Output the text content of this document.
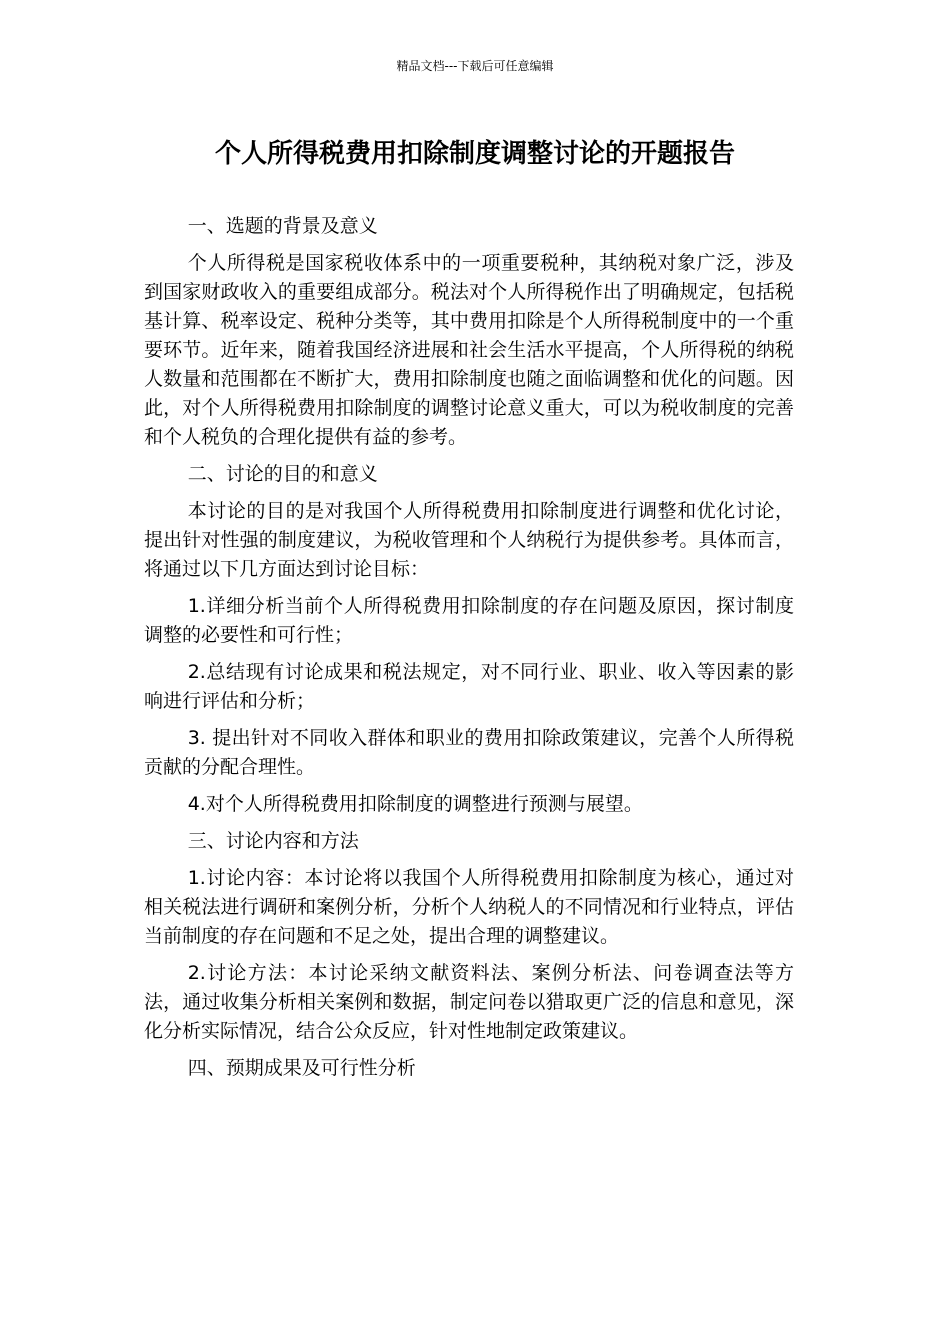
精品文档---下载后可任意编辑
个人所得税费用扣除制度调整讨论的开题报告

一、选题的背景及意义

个人所得税是国家税收体系中的一项重要税种，其纳税对象广泛，涉及到国家财政收入的重要组成部分。税法对个人所得税作出了明确规定，包括税基计算、税率设定、税种分类等，其中费用扣除是个人所得税制度中的一个重要环节。近年来，随着我国经济进展和社会生活水平提高，个人所得税的纳税人数量和范围都在不断扩大，费用扣除制度也随之面临调整和优化的问题。因此，对个人所得税费用扣除制度的调整讨论意义重大，可以为税收制度的完善和个人税负的合理化提供有益的参考。

二、讨论的目的和意义

本讨论的目的是对我国个人所得税费用扣除制度进行调整和优化讨论，提出针对性强的制度建议，为税收管理和个人纳税行为提供参考。具体而言，将通过以下几方面达到讨论目标：

1.详细分析当前个人所得税费用扣除制度的存在问题及原因，探讨制度调整的必要性和可行性；

2.总结现有讨论成果和税法规定，对不同行业、职业、收入等因素的影响进行评估和分析；

3. 提出针对不同收入群体和职业的费用扣除政策建议，完善个人所得税贡献的分配合理性。

4.对个人所得税费用扣除制度的调整进行预测与展望。

三、讨论内容和方法

1.讨论内容：本讨论将以我国个人所得税费用扣除制度为核心，通过对相关税法进行调研和案例分析，分析个人纳税人的不同情况和行业特点，评估当前制度的存在问题和不足之处，提出合理的调整建议。

2.讨论方法：本讨论采纳文献资料法、案例分析法、问卷调查法等方法，通过收集分析相关案例和数据，制定问卷以猎取更广泛的信息和意见，深化分析实际情况，结合公众反应，针对性地制定政策建议。

四、预期成果及可行性分析
